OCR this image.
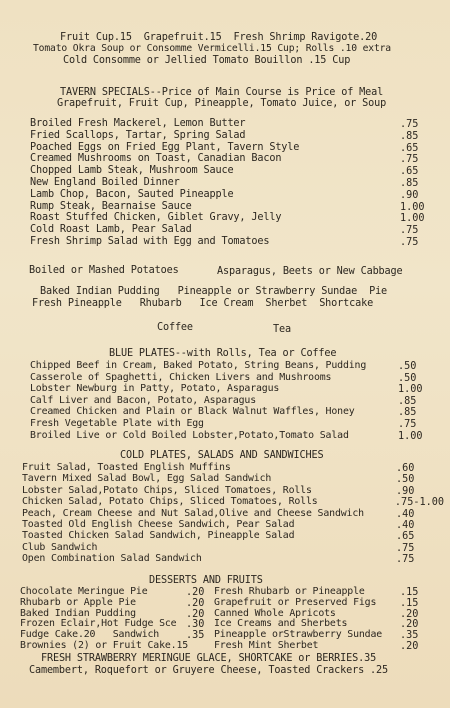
Fruit Cup.15  Grapefruit.15  Fresh Shrimp Ravigote.20
Tomato Okra Soup or Consomme Vermicelli.15 Cup; Rolls .10 extra
Cold Consomme or Jellied Tomato Bouillon .15 Cup
TAVERN SPECIALS--Price of Main Course is Price of Meal
Grapefruit, Fruit Cup, Pineapple, Tomato Juice, or Soup
Broiled Fresh Mackerel, Lemon Butter	.75
Fried Scallops, Tartar, Spring Salad	.85
Poached Eggs on Fried Egg Plant, Tavern Style	.65
Creamed Mushrooms on Toast, Canadian Bacon	.75
Chopped Lamb Steak, Mushroom Sauce	.65
New England Boiled Dinner	.85
Lamb Chop, Bacon, Sauted Pineapple	.90
Rump Steak, Bearnaise Sauce	1.00
Roast Stuffed Chicken, Giblet Gravy, Jelly	1.00
Cold Roast Lamb, Pear Salad	.75
Fresh Shrimp Salad with Egg and Tomatoes	.75
Boiled or Mashed Potatoes	Asparagus, Beets or New Cabbage
Baked Indian Pudding   Pineapple or Strawberry Sundae  Pie
Fresh Pineapple   Rhubarb   Ice Cream  Sherbet  Shortcake
Coffee	Tea
BLUE PLATES--with Rolls, Tea or Coffee
Chipped Beef in Cream, Baked Potato, String Beans, Pudding	.50
Casserole of Spaghetti, Chicken Livers and Mushrooms	.50
Lobster Newburg in Patty, Potato, Asparagus	1.00
Calf Liver and Bacon, Potato, Asparagus	.85
Creamed Chicken and Plain or Black Walnut Waffles, Honey	.85
Fresh Vegetable Plate with Egg	.75
Broiled Live or Cold Boiled Lobster,Potato,Tomato Salad	1.00
COLD PLATES, SALADS AND SANDWICHES
Fruit Salad, Toasted English Muffins	.60
Tavern Mixed Salad Bowl, Egg Salad Sandwich	.50
Lobster Salad,Potato Chips, Sliced Tomatoes, Rolls	.90
Chicken Salad, Potato Chips, Sliced Tomatoes, Rolls	.75-1.00
Peach, Cream Cheese and Nut Salad,Olive and Cheese Sandwich	.40
Toasted Old English Cheese Sandwich, Pear Salad	.40
Toasted Chicken Salad Sandwich, Pineapple Salad	.65
Club Sandwich	.75
Open Combination Salad Sandwich	.75
DESSERTS AND FRUITS
Chocolate Meringue Pie	.20
Rhubarb or Apple Pie	.20
Baked Indian Pudding	.20
Frozen Eclair,Hot Fudge Sce .30
Fudge Cake.20   Sandwich	.35
Brownies (2) or Fruit Cake.15
Fresh Rhubarb or Pineapple	.15
Grapefruit or Preserved Figs .15
Canned Whole Apricots	.20
Ice Creams and Sherbets	.20
Pineapple orStrawberry Sundae .35
Fresh Mint Sherbet	.20
FRESH STRAWBERRY MERINGUE GLACE, SHORTCAKE or BERRIES.35
Camembert, Roquefort or Gruyere Cheese, Toasted Crackers .25
